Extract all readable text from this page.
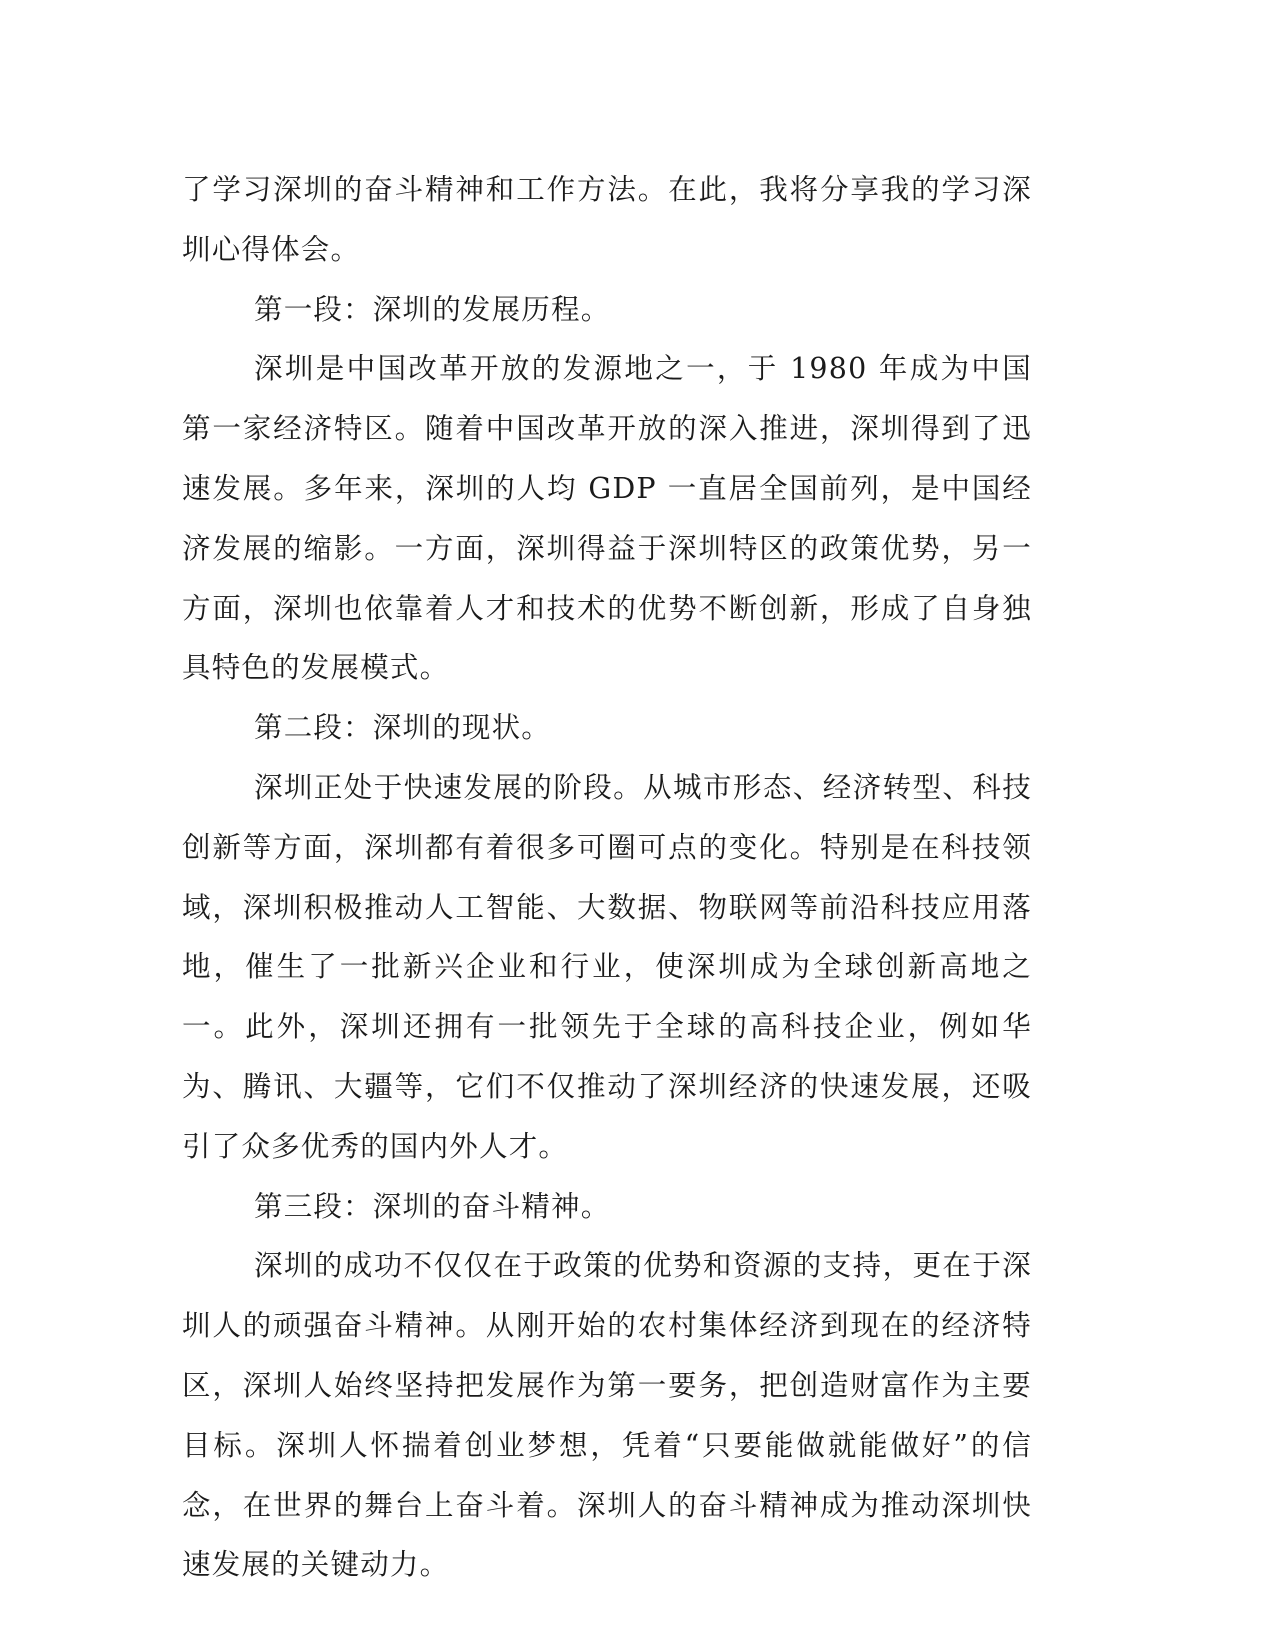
了学习深圳的奋斗精神和工作方法。在此，我将分享我的学习深圳心得体会。

第一段：深圳的发展历程。

深圳是中国改革开放的发源地之一，于 1980 年成为中国第一家经济特区。随着中国改革开放的深入推进，深圳得到了迅速发展。多年来，深圳的人均 GDP 一直居全国前列，是中国经济发展的缩影。一方面，深圳得益于深圳特区的政策优势，另一方面，深圳也依靠着人才和技术的优势不断创新，形成了自身独具特色的发展模式。

第二段：深圳的现状。

深圳正处于快速发展的阶段。从城市形态、经济转型、科技创新等方面，深圳都有着很多可圈可点的变化。特别是在科技领域，深圳积极推动人工智能、大数据、物联网等前沿科技应用落地，催生了一批新兴企业和行业，使深圳成为全球创新高地之一。此外，深圳还拥有一批领先于全球的高科技企业，例如华为、腾讯、大疆等，它们不仅推动了深圳经济的快速发展，还吸引了众多优秀的国内外人才。

第三段：深圳的奋斗精神。

深圳的成功不仅仅在于政策的优势和资源的支持，更在于深圳人的顽强奋斗精神。从刚开始的农村集体经济到现在的经济特区，深圳人始终坚持把发展作为第一要务，把创造财富作为主要目标。深圳人怀揣着创业梦想，凭着“只要能做就能做好”的信念，在世界的舞台上奋斗着。深圳人的奋斗精神成为推动深圳快速发展的关键动力。
